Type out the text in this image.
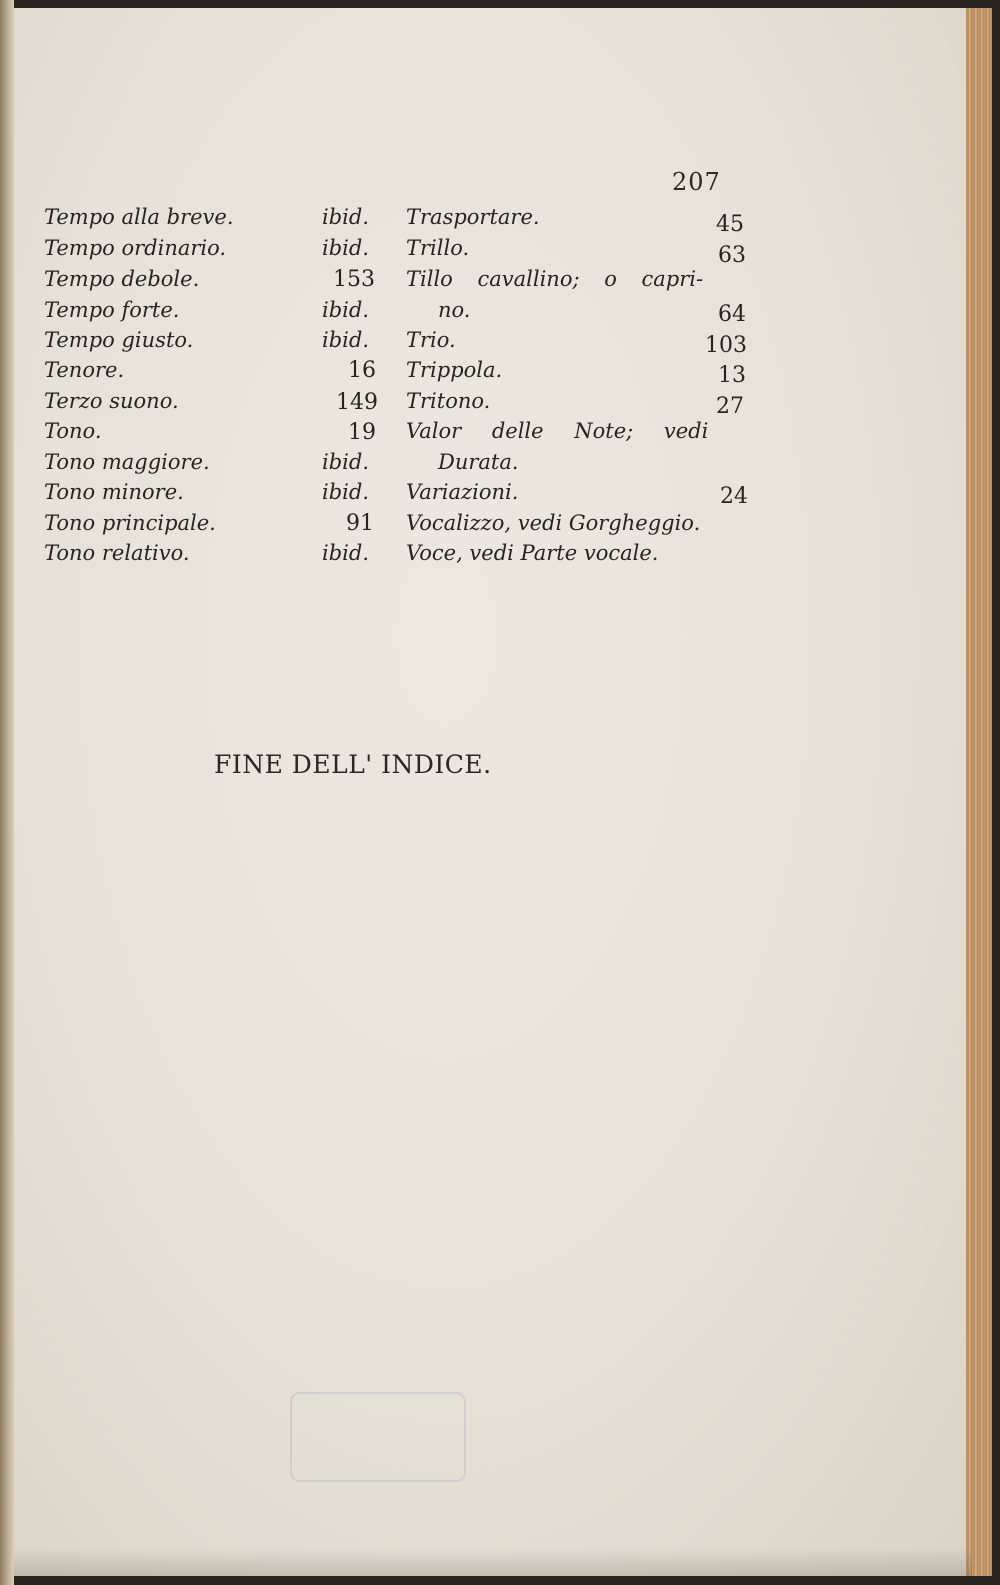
207
Tempo alla breve.
Tempo ordinario.
Tempo debole.
Tempo forte.
Tempo giusto.
Tenore.
Terzo suono.
Tono.
Tono maggiore.
Tono minore.
Tono principale.
Tono relativo.
ibid.
ibid.
153
ibid.
ibid.
16
149
19
ibid.
ibid.
91
ibid.
Trasportare.
Trillo.
Tillo cavallino; o capri-
no.
Trio.
Trippola.
Tritono.
Valor delle Note; vedi
Durata.
Variazioni.
Vocalizzo, vedi Gorgheggio.
Voce, vedi Parte vocale.
45
63
64
103
13
27
24
FINE DELL' INDICE.
